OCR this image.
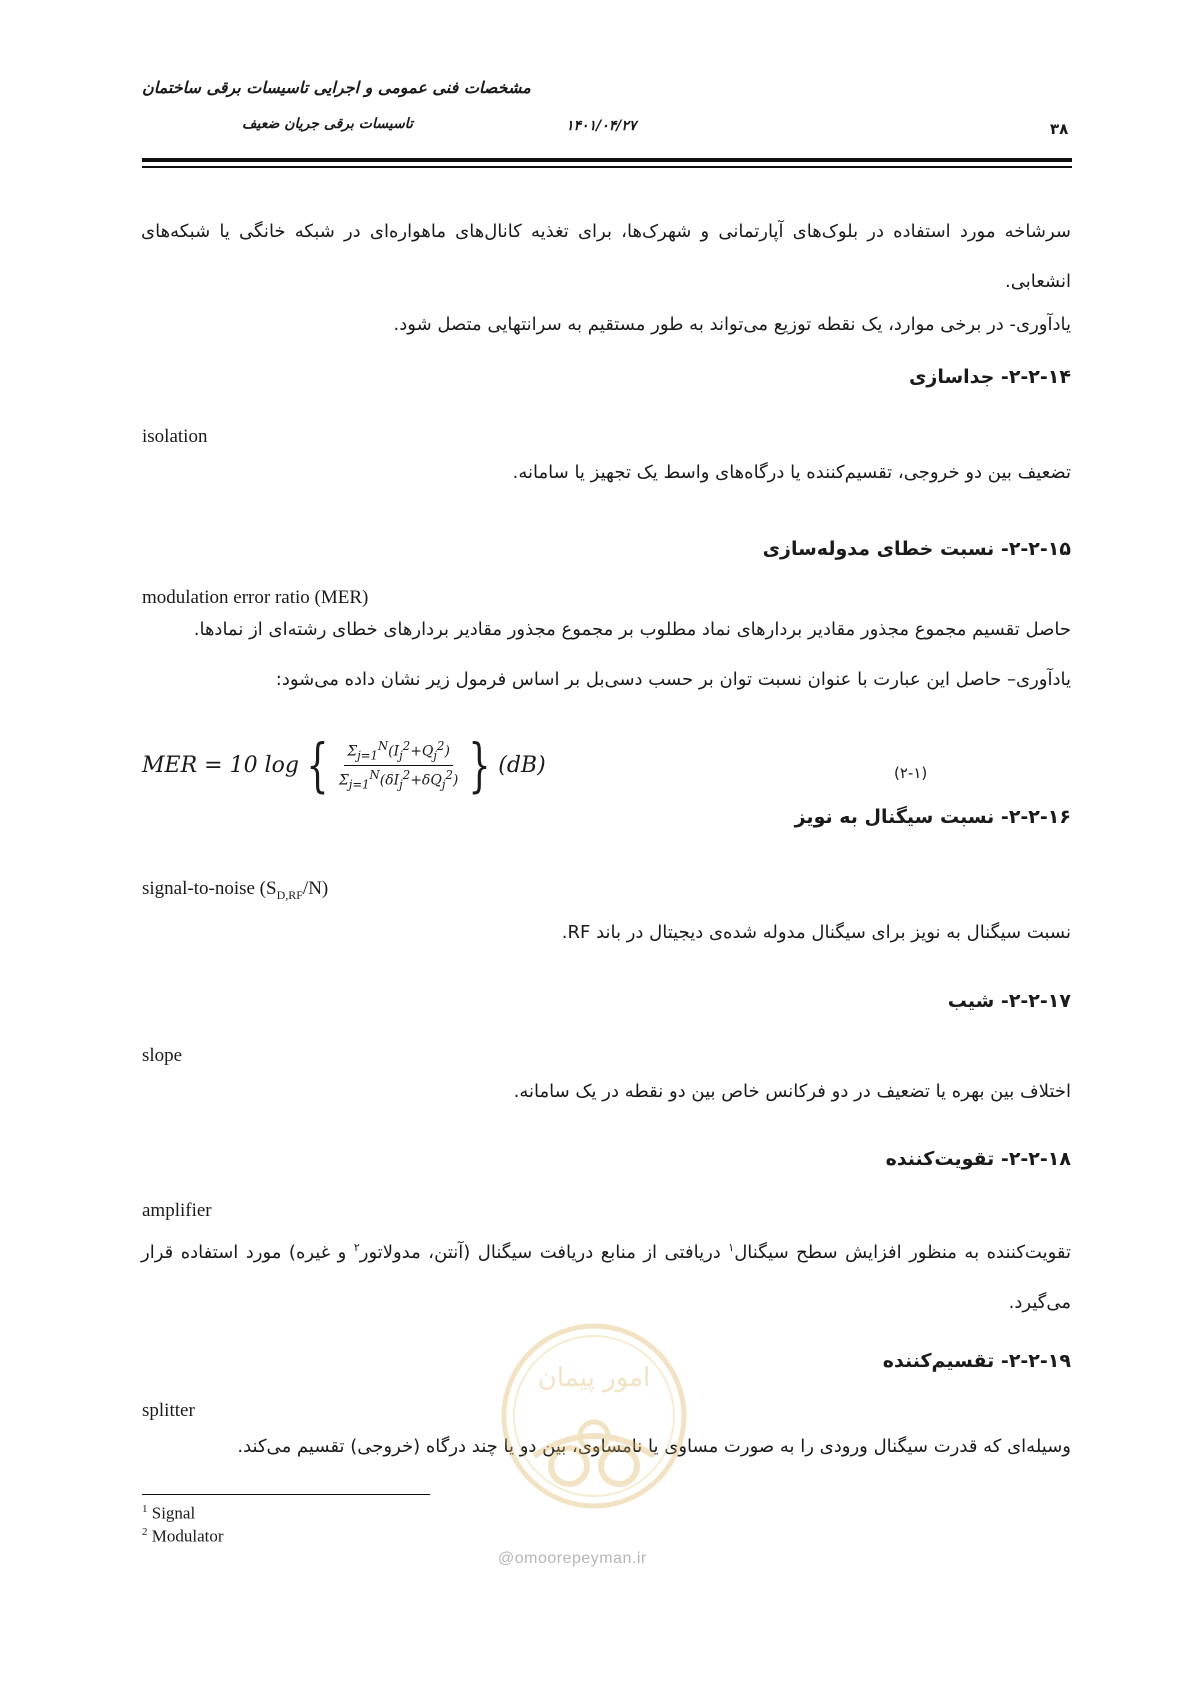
مشخصات فنی عمومی و اجرایی تاسیسات برقی ساختمان
تاسیسات برقی جریان ضعیف	۱۴۰۱/۰۴/۲۷	۳۸
سرشاخه مورد استفاده در بلوک‌های آپارتمانی و شهرک‌ها، برای تغذیه کانال‌های ماهواره‌ای در شبکه خانگی یا شبکه‌های انشعابی.
یادآوری- در برخی موارد، یک نقطه توزیع می‌تواند به طور مستقیم به سرانتهایی متصل شود.
۲-۲-۱۴- جداسازی
isolation
تضعیف بین دو خروجی، تقسیم‌کننده یا درگاه‌های واسط یک تجهیز یا سامانه.
۲-۲-۱۵- نسبت خطای مدوله‌سازی
modulation error ratio (MER)
حاصل تقسیم مجموع مجذور مقادیر بردارهای نماد مطلوب بر مجموع مجذور مقادیر بردارهای خطای رشته‌ای از نمادها.
یادآوری– حاصل این عبارت با عنوان نسبت توان بر حسب دسی‌بل بر اساس فرمول زیر نشان داده می‌شود:
MER = 10 log { $\frac{\Sigma_{j=1}^N(I_j^2+Q_j^2)}{\Sigma_{j=1}^N(\delta I_j^2+\delta Q_j^2)}$ } (dB)	(۲-۱)
۲-۲-۱۶- نسبت سیگنال به نویز
signal-to-noise $(S_{D,RF}/N)$
نسبت سیگنال به نویز برای سیگنال مدوله شده‌ی دیجیتال در باند RF.
۲-۲-۱۷- شیب
slope
اختلاف بین بهره یا تضعیف در دو فرکانس خاص بین دو نقطه در یک سامانه.
۲-۲-۱۸- تقویت‌کننده
amplifier
تقویت‌کننده به منظور افزایش سطح سیگنال$^۱$ دریافتی از منابع دریافت سیگنال (آنتن، مدولاتور$^۲$ و غیره) مورد استفاده قرار می‌گیرد.
۲-۲-۱۹- تقسیم‌کننده
splitter
وسیله‌ای که قدرت سیگنال ورودی را به صورت مساوی یا نامساوی، بین دو یا چند درگاه (خروجی) تقسیم می‌کند.
امور پیمان
@omoorepeyman.ir
$^1$ Signal
$^2$ Modulator
